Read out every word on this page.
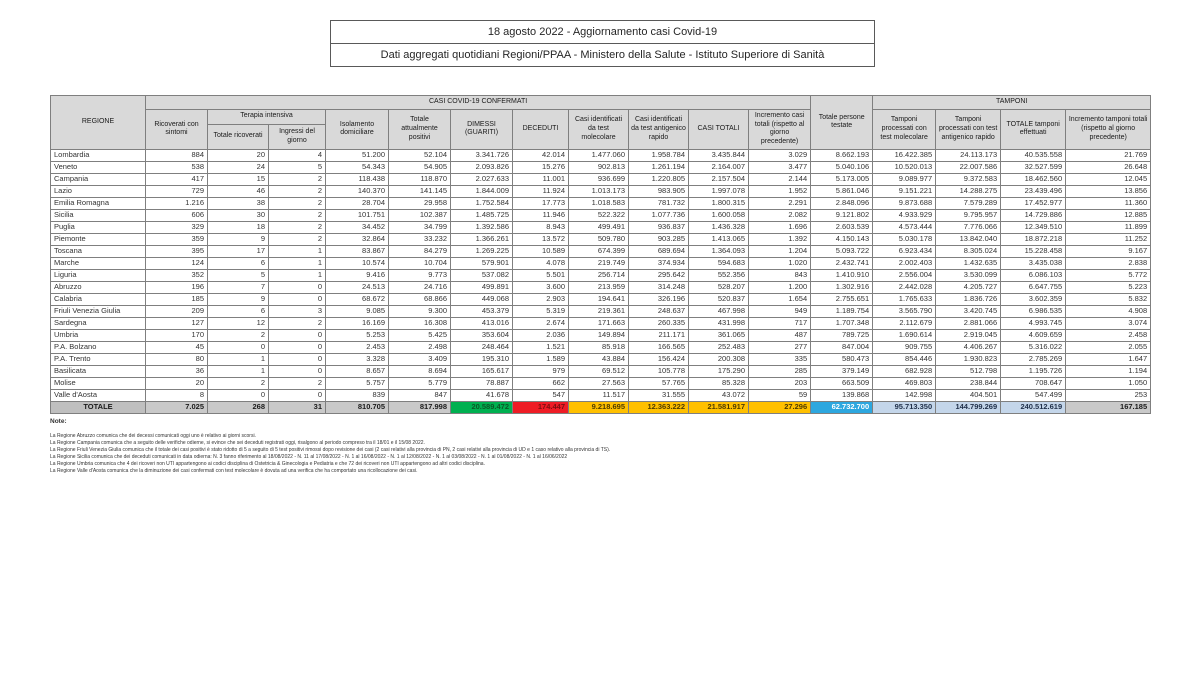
18 agosto 2022 - Aggiornamento casi Covid-19
Dati aggregati quotidiani Regioni/PPAA - Ministero della Salute - Istituto Superiore di Sanità
REGIONE	CASI COVID-19 CONFERMATI											Totale persone testate	TAMPONI			
	Ricoverati con sintomi	Terapia intensiva		Isolamento domiciliare	Totale attualmente positivi	DIMESSI (GUARITI)	DECEDUTI	Casi identificati da test molecolare	Casi identificati da test antigenico rapido	CASI TOTALI	Incremento casi totali (rispetto al giorno precedente)		Tamponi processati con test molecolare	Tamponi processati con test antigenico rapido	TOTALE tamponi effettuati	Incremento tamponi totali (rispetto al giorno precedente)
		Totale ricoverati	Ingressi del giorno													
Lombardia	884	20	4	51.200	52.104	3.341.726	42.014	1.477.060	1.958.784	3.435.844	3.029	8.662.193	16.422.385	24.113.173	40.535.558	21.769
Veneto	538	24	5	54.343	54.905	2.093.826	15.276	902.813	1.261.194	2.164.007	3.477	5.040.106	10.520.013	22.007.586	32.527.599	26.648
Campania	417	15	2	118.438	118.870	2.027.633	11.001	936.699	1.220.805	2.157.504	2.144	5.173.005	9.089.977	9.372.583	18.462.560	12.045
Lazio	729	46	2	140.370	141.145	1.844.009	11.924	1.013.173	983.905	1.997.078	1.952	5.861.046	9.151.221	14.288.275	23.439.496	13.856
Emilia Romagna	1.216	38	2	28.704	29.958	1.752.584	17.773	1.018.583	781.732	1.800.315	2.291	2.848.096	9.873.688	7.579.289	17.452.977	11.360
Sicilia	606	30	2	101.751	102.387	1.485.725	11.946	522.322	1.077.736	1.600.058	2.082	9.121.802	4.933.929	9.795.957	14.729.886	12.885
Puglia	329	18	2	34.452	34.799	1.392.586	8.943	499.491	936.837	1.436.328	1.696	2.603.539	4.573.444	7.776.066	12.349.510	11.899
Piemonte	359	9	2	32.864	33.232	1.366.261	13.572	509.780	903.285	1.413.065	1.392	4.150.143	5.030.178	13.842.040	18.872.218	11.252
Toscana	395	17	1	83.867	84.279	1.269.225	10.589	674.399	689.694	1.364.093	1.204	5.093.722	6.923.434	8.305.024	15.228.458	9.167
Marche	124	6	1	10.574	10.704	579.901	4.078	219.749	374.934	594.683	1.020	2.432.741	2.002.403	1.432.635	3.435.038	2.838
Liguria	352	5	1	9.416	9.773	537.082	5.501	256.714	295.642	552.356	843	1.410.910	2.556.004	3.530.099	6.086.103	5.772
Abruzzo	196	7	0	24.513	24.716	499.891	3.600	213.959	314.248	528.207	1.200	1.302.916	2.442.028	4.205.727	6.647.755	5.223
Calabria	185	9	0	68.672	68.866	449.068	2.903	194.641	326.196	520.837	1.654	2.755.651	1.765.633	1.836.726	3.602.359	5.832
Friuli Venezia Giulia	209	6	3	9.085	9.300	453.379	5.319	219.361	248.637	467.998	949	1.189.754	3.565.790	3.420.745	6.986.535	4.908
Sardegna	127	12	2	16.169	16.308	413.016	2.674	171.663	260.335	431.998	717	1.707.348	2.112.679	2.881.066	4.993.745	3.074
Umbria	170	2	0	5.253	5.425	353.604	2.036	149.894	211.171	361.065	487	789.725	1.690.614	2.919.045	4.609.659	2.458
P.A. Bolzano	45	0	0	2.453	2.498	248.464	1.521	85.918	166.565	252.483	277	847.004	909.755	4.406.267	5.316.022	2.055
P.A. Trento	80	1	0	3.328	3.409	195.310	1.589	43.884	156.424	200.308	335	580.473	854.446	1.930.823	2.785.269	1.647
Basilicata	36	1	0	8.657	8.694	165.617	979	69.512	105.778	175.290	285	379.149	682.928	512.798	1.195.726	1.194
Molise	20	2	2	5.757	5.779	78.887	662	27.563	57.765	85.328	203	663.509	469.803	238.844	708.647	1.050
Valle d'Aosta	8	0	0	839	847	41.678	547	11.517	31.555	43.072	59	139.868	142.998	404.501	547.499	253
TOTALE	7.025	268	31	810.705	817.998	20.589.472	174.447	9.218.695	12.363.222	21.581.917	27.296	62.732.700	95.713.350	144.799.269	240.512.619	167.185
Note:
La Regione Abruzzo comunica che dei decessi comunicati oggi uno è relativo ai giorni scorsi.
La Regione Campania comunica che a seguito delle verifiche odierne, si evince che sei deceduti registrati oggi, risalgono al periodo compreso tra il 18/01 e il 15/08 2022.
La Regione Friuli Venezia Giulia comunica che il totale dei casi positivi è stato ridotto di 5 a seguito di 5 test positivi rimossi dopo revisione dei casi (2 casi relativi alla provincia di PN, 2 casi relativi alla provincia di UD e 1 caso relativo alla provincia di TS).
La Regione Sicilia comunica che dei deceduti comunicati in data odierna: N. 3 fanno riferimento al 18/08/2022 - N. 11 al 17/08/2022 - N. 1 al 16/08/2022 - N. 1 al 12/08/2022 - N. 1 al 03/08/2022 - N. 1 al 01/08/2022 - N. 1 al 16/06/2022
La Regione Umbria comunica che 4 dei ricoveri non UTI appartengono ai codici disciplina di Ostetricia & Ginecologia e Pediatria e che 72 dei ricoveri non UTI appartengono ad altri codici disciplina.
La Regione Valle d'Aosta comunica che la diminuzione dei casi confermati con test molecolare è dovuta ad una verifica che ha comportato una ricollocazione dei casi.
